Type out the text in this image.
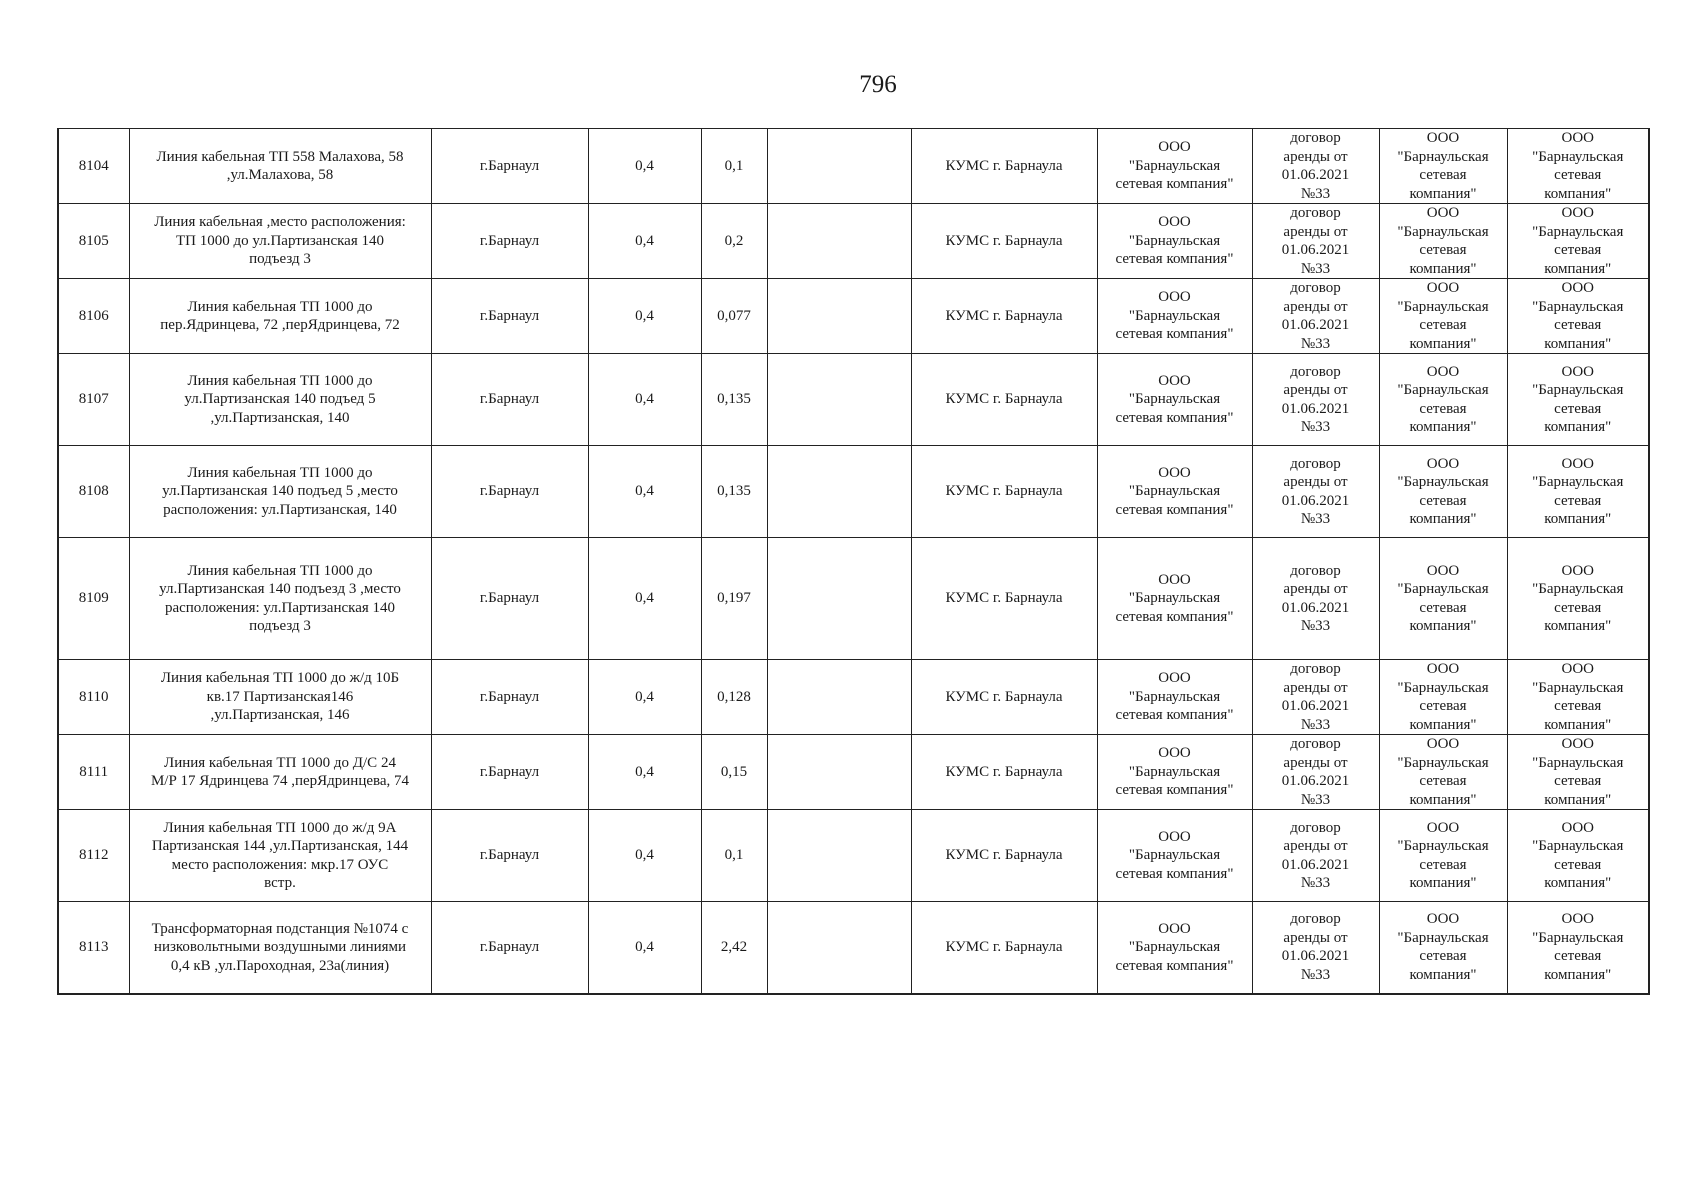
796
8104	Линия кабельная ТП 558 Малахова, 58
,ул.Малахова, 58	г.Барнаул	0,4	0,1		КУМС г. Барнаула	ООО
"Барнаульская
сетевая компания"	договор
аренды от
01.06.2021
№33	ООО
"Барнаульская
сетевая
компания"	ООО
"Барнаульская
сетевая
компания"
8105	Линия кабельная ,место расположения:
ТП 1000 до ул.Партизанская 140
подъезд 3	г.Барнаул	0,4	0,2		КУМС г. Барнаула	ООО
"Барнаульская
сетевая компания"	договор
аренды от
01.06.2021
№33	ООО
"Барнаульская
сетевая
компания"	ООО
"Барнаульская
сетевая
компания"
8106	Линия кабельная ТП 1000 до
пер.Ядринцева, 72 ,перЯдринцева, 72	г.Барнаул	0,4	0,077		КУМС г. Барнаула	ООО
"Барнаульская
сетевая компания"	договор
аренды от
01.06.2021
№33	ООО
"Барнаульская
сетевая
компания"	ООО
"Барнаульская
сетевая
компания"
8107	Линия кабельная ТП 1000 до
ул.Партизанская 140 подъед 5
,ул.Партизанская, 140	г.Барнаул	0,4	0,135		КУМС г. Барнаула	ООО
"Барнаульская
сетевая компания"	договор
аренды от
01.06.2021
№33	ООО
"Барнаульская
сетевая
компания"	ООО
"Барнаульская
сетевая
компания"
8108	Линия кабельная ТП 1000 до
ул.Партизанская 140 подъед 5 ,место
расположения: ул.Партизанская, 140	г.Барнаул	0,4	0,135		КУМС г. Барнаула	ООО
"Барнаульская
сетевая компания"	договор
аренды от
01.06.2021
№33	ООО
"Барнаульская
сетевая
компания"	ООО
"Барнаульская
сетевая
компания"
8109	Линия кабельная ТП 1000 до
ул.Партизанская 140 подъезд 3 ,место
расположения: ул.Партизанская 140
подъезд 3	г.Барнаул	0,4	0,197		КУМС г. Барнаула	ООО
"Барнаульская
сетевая компания"	договор
аренды от
01.06.2021
№33	ООО
"Барнаульская
сетевая
компания"	ООО
"Барнаульская
сетевая
компания"
8110	Линия кабельная ТП 1000 до ж/д 10Б
кв.17 Партизанская146
,ул.Партизанская, 146	г.Барнаул	0,4	0,128		КУМС г. Барнаула	ООО
"Барнаульская
сетевая компания"	договор
аренды от
01.06.2021
№33	ООО
"Барнаульская
сетевая
компания"	ООО
"Барнаульская
сетевая
компания"
8111	Линия кабельная ТП 1000 до Д/С 24
М/Р 17 Ядринцева 74 ,перЯдринцева, 74	г.Барнаул	0,4	0,15		КУМС г. Барнаула	ООО
"Барнаульская
сетевая компания"	договор
аренды от
01.06.2021
№33	ООО
"Барнаульская
сетевая
компания"	ООО
"Барнаульская
сетевая
компания"
8112	Линия кабельная ТП 1000 до ж/д 9А
Партизанская 144 ,ул.Партизанская, 144
место расположения: мкр.17 ОУС
встр.	г.Барнаул	0,4	0,1		КУМС г. Барнаула	ООО
"Барнаульская
сетевая компания"	договор
аренды от
01.06.2021
№33	ООО
"Барнаульская
сетевая
компания"	ООО
"Барнаульская
сетевая
компания"
8113	Трансформаторная подстанция №1074 с
низковольтными воздушными линиями
0,4 кВ ,ул.Пароходная, 23а(линия)	г.Барнаул	0,4	2,42		КУМС г. Барнаула	ООО
"Барнаульская
сетевая компания"	договор
аренды от
01.06.2021
№33	ООО
"Барнаульская
сетевая
компания"	ООО
"Барнаульская
сетевая
компания"
